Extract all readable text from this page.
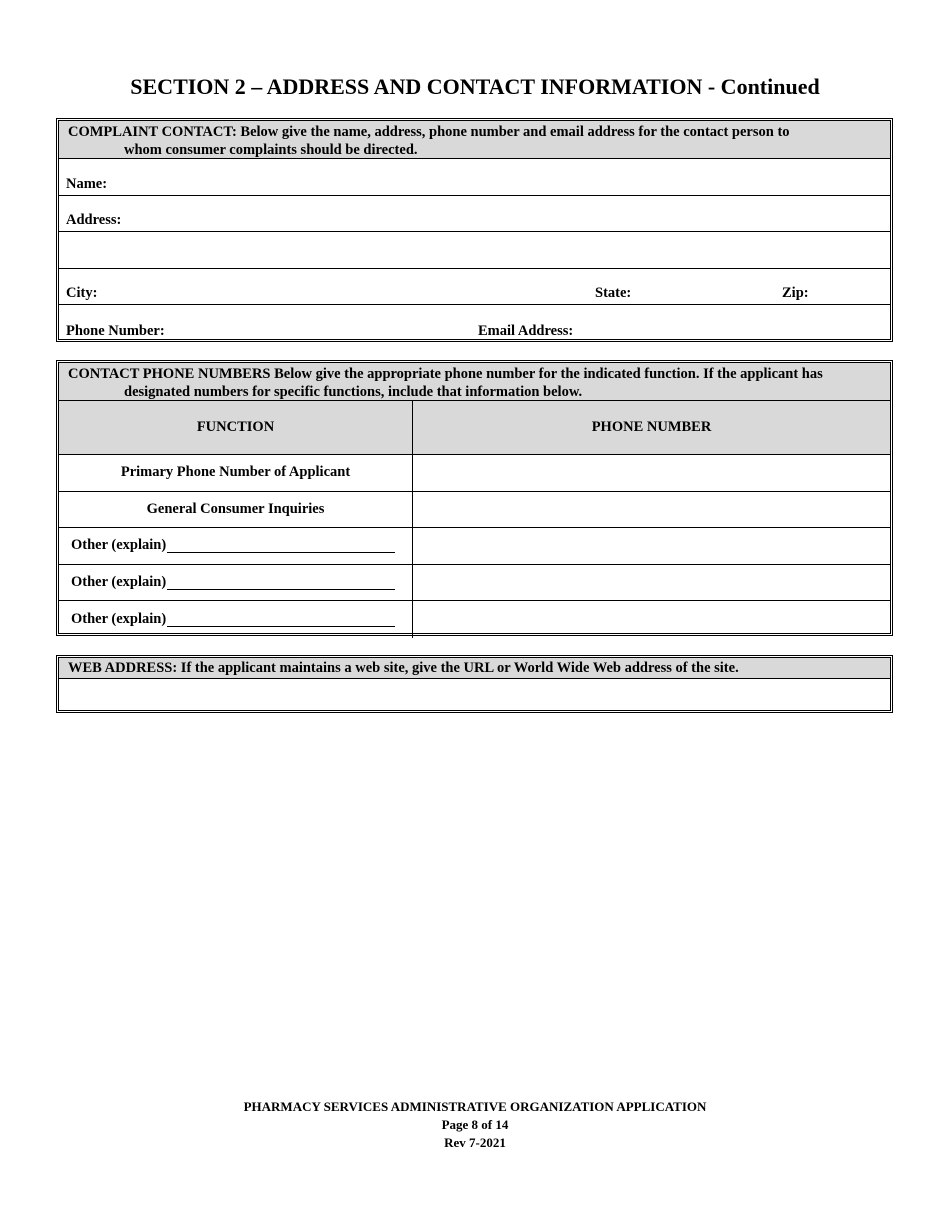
SECTION 2 – ADDRESS AND CONTACT INFORMATION - Continued
COMPLAINT CONTACT: Below give the name, address, phone number and email address for the contact person to
whom consumer complaints should be directed.
Name:
Address:
City:	State:	Zip:
Phone Number:	Email Address:
CONTACT PHONE NUMBERS Below give the appropriate phone number for the indicated function. If the applicant has
designated numbers for specific functions, include that information below.
FUNCTION	PHONE NUMBER
Primary Phone Number of Applicant
General Consumer Inquiries
Other (explain)
Other (explain)
Other (explain)
WEB ADDRESS: If the applicant maintains a web site, give the URL or World Wide Web address of the site.
PHARMACY SERVICES ADMINISTRATIVE ORGANIZATION APPLICATION
Page 8 of 14
Rev 7-2021
